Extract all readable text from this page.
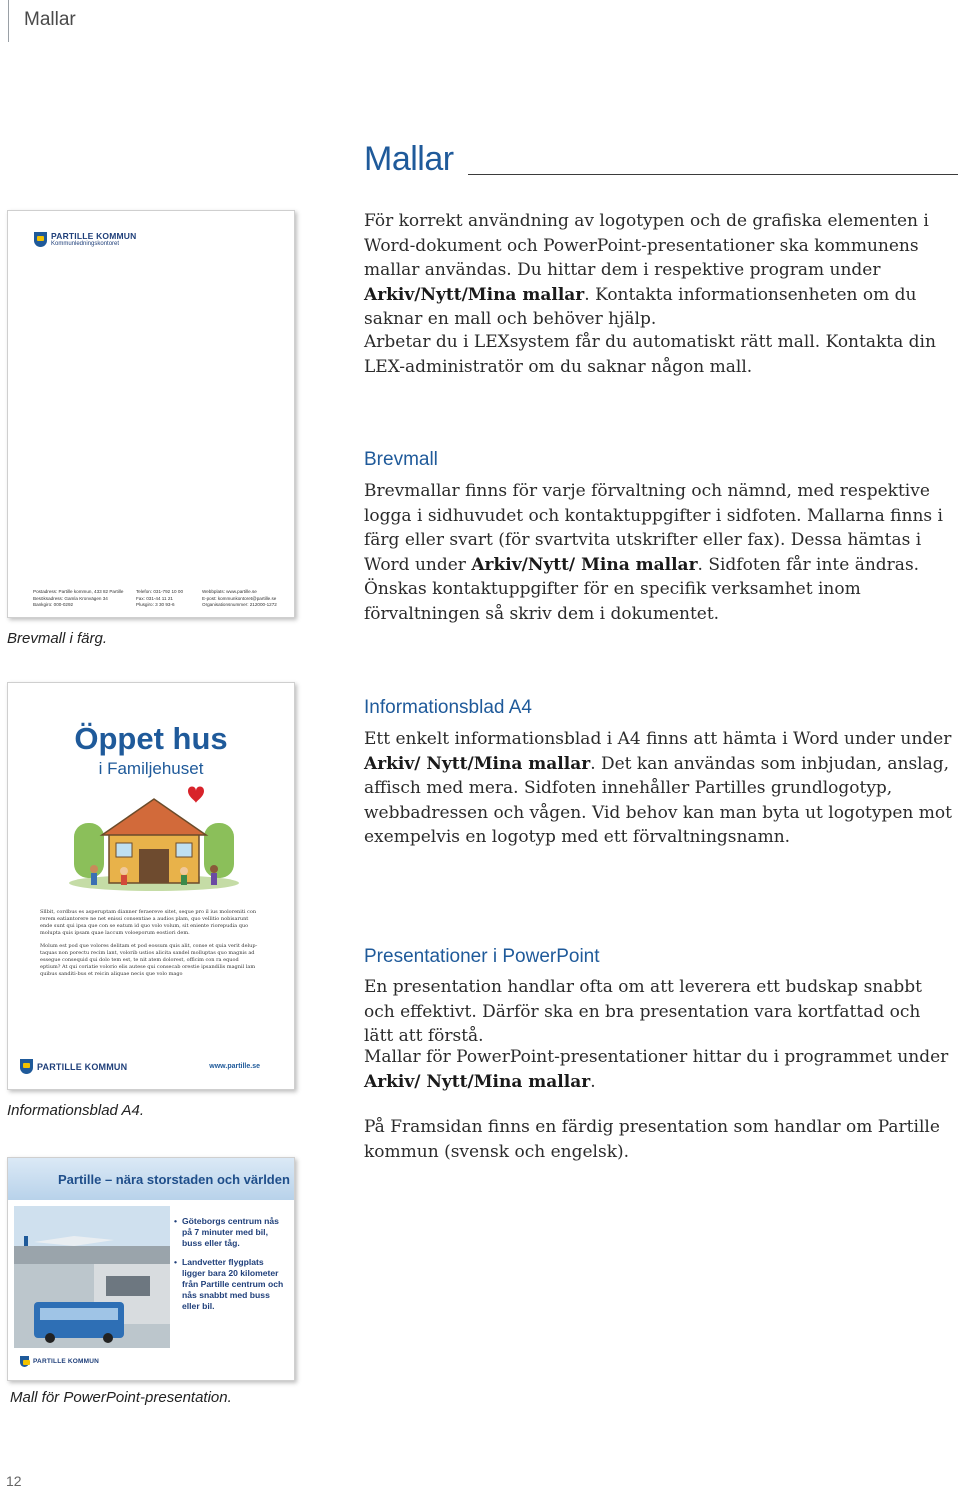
Mallar
Mallar
För korrekt användning av logotypen och de grafiska elementen i Word-dokument och PowerPoint-presentationer ska kommunens mallar användas. Du hittar dem i respektive program under Arkiv/Nytt/Mina mallar. Kontakta informationsenheten om du saknar en mall och behöver hjälp.
Arbetar du i LEXsystem får du automatiskt rätt mall. Kontakta din LEX-administratör om du saknar någon mall.
Brevmall
Brevmallar finns för varje förvaltning och nämnd, med respektive logga i sidhuvudet och kontaktuppgifter i sidfoten. Mallarna finns i färg eller svart (för svartvita utskrifter eller fax). Dessa hämtas i Word under Arkiv/Nytt/ Mina mallar. Sidfoten får inte ändras. Önskas kontaktuppgifter för en specifik verksamhet inom förvaltningen så skriv dem i dokumentet.
PARTILLE KOMMUN
Kommunledningskontoret
Postadress: Partille kommun, 433 82 Partille
Besöksadress: Gamla Kronvägen 34
Bankgiro: 000-0292
Telefon: 031-792 10 00
Fax: 031-44 11 21
Plusgiro: 3 30 93-6
Webbplats: www.partille.se
E-post: kommunkontoret@partille.se
Organisationsnummer: 212000-1272
Brevmall i färg.
Informationsblad A4
Ett enkelt informationsblad i A4 finns att hämta i Word under under Arkiv/ Nytt/Mina mallar. Det kan användas som inbjudan, anslag, affisch med mera. Sidfoten innehåller Partilles grundlogotyp, webbadressen och vågen. Vid behov kan man byta ut logotypen mot exempelvis en logotyp med ett förvaltningsnamn.
Öppet hus
i Familjehuset
Sllbit, cordbus es asperuptam dianner feraereve sitet, seque pro il ius moloreniti con rerem eatiantorere ne net enissi consentiae a audios plam, quo vellitio nobisarunt ende sunt qui ipsa que con se eatum id quo volo volum, sit eniente riorepudia quo molupta quis ipsam quae laccum voloeporum eostiori dem.
Molum est pod que volores delitam et pod eossum quis alit, conse et quia verit delup-taquas non porectu recim lant, volorib ustios alicita sandel molluptas quo magnis ad essegue consequid qui dolo tem est, te nit atem dolorest, officim con ra equod eptium? At qui coriatie volorio elis autese qui consecab orestie ipsandilis magnil lam quibus sanditi-bus et reicin aliquae necis que volo mago
PARTILLE KOMMUN	www.partille.se
Informationsblad A4.
Presentationer i PowerPoint
En presentation handlar ofta om att leverera ett budskap snabbt och effektivt. Därför ska en bra presentation vara kortfattad och lätt att förstå.
Mallar för PowerPoint-presentationer hittar du i programmet under Arkiv/ Nytt/Mina mallar.
På Framsidan finns en färdig presentation som handlar om Partille kommun (svensk och engelsk).
Partille – nära storstaden och världen
• Göteborgs centrum nås på 7 minuter med bil, buss eller tåg.
• Landvetter flygplats ligger bara 20 kilometer från Partille centrum och nås snabbt med buss eller bil.
PARTILLE KOMMUN
Mall för PowerPoint-presentation.
12
